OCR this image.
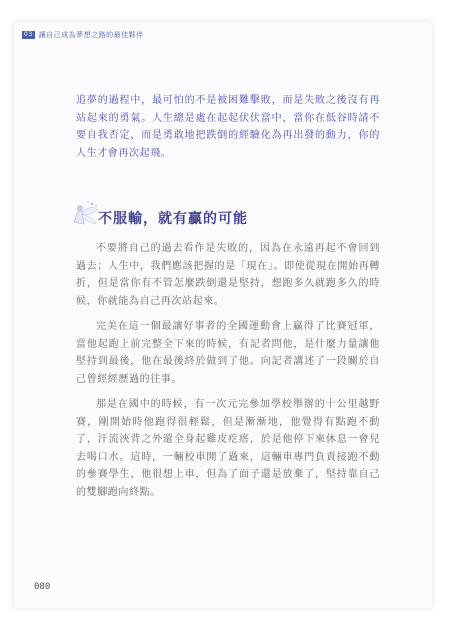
03 讓自己成為夢想之路的最佳夥伴
追夢的過程中，最可怕的不是被困難擊敗，而是失敗之後沒有再站起來的勇氣。人生總是處在起起伏伏當中，當你在低谷時請不要自我否定，而是勇敢地把跌倒的經驗化為再出發的動力，你的人生才會再次起飛。
不服輸，就有贏的可能

不要將自己的過去看作是失敗的，因為在永遠再起不會回到過去；人生中，我們應該把握的是「現在」。即使從現在開始再轉折，但是當你有不管怎麼跌倒還是堅持，想跑多久就跑多久的時候，你就能為自己再次站起來。

完美在這一個最讓好事者的全國運動會上贏得了比賽冠軍，當他起跑上前完整全下來的時候，有記者問他，是什麼力量讓他堅持到最後，他在最後終於做到了他。向記者講述了一段關於自己曾經經歷過的往事。

那是在國中的時候，有一次元完參加學校舉辦的十公里越野賽，剛開始時他跑得很輕鬆，但是漸漸地，他覺得有點跑不動了，汗流浹背之外還全身起雞皮疙瘩，於是他停下來休息一會兒去喝口水。這時，一輛校車開了過來，這輛車專門負責接跑不動的參賽學生，他很想上車，但為了面子還是放棄了，堅持靠自己的雙腳跑向終點。

080
